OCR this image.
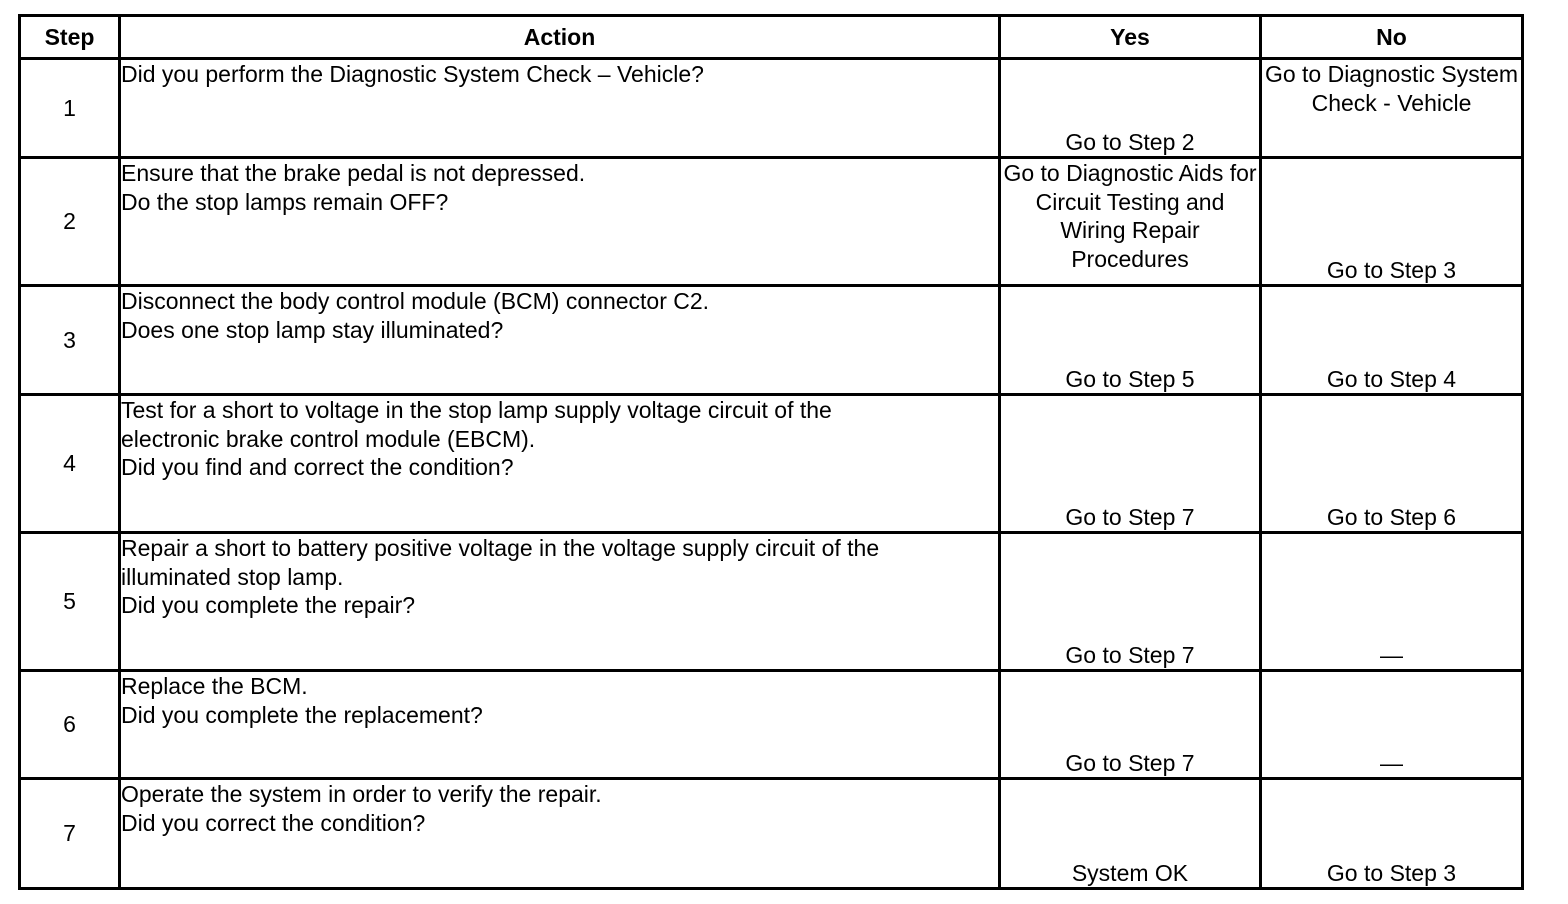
Step	Action	Yes	No
1	Did you perform the Diagnostic System Check – Vehicle?	Go to Step 2	Go to Diagnostic System Check - Vehicle
2	Ensure that the brake pedal is not depressed.
Do the stop lamps remain OFF?	Go to Diagnostic Aids for Circuit Testing and Wiring Repair Procedures	Go to Step 3
3	Disconnect the body control module (BCM) connector C2.
Does one stop lamp stay illuminated?	Go to Step 5	Go to Step 4
4	Test for a short to voltage in the stop lamp supply voltage circuit of the electronic brake control module (EBCM).
Did you find and correct the condition?	Go to Step 7	Go to Step 6
5	Repair a short to battery positive voltage in the voltage supply circuit of the illuminated stop lamp.
Did you complete the repair?	Go to Step 7	—
6	Replace the BCM.
Did you complete the replacement?	Go to Step 7	—
7	Operate the system in order to verify the repair.
Did you correct the condition?	System OK	Go to Step 3
